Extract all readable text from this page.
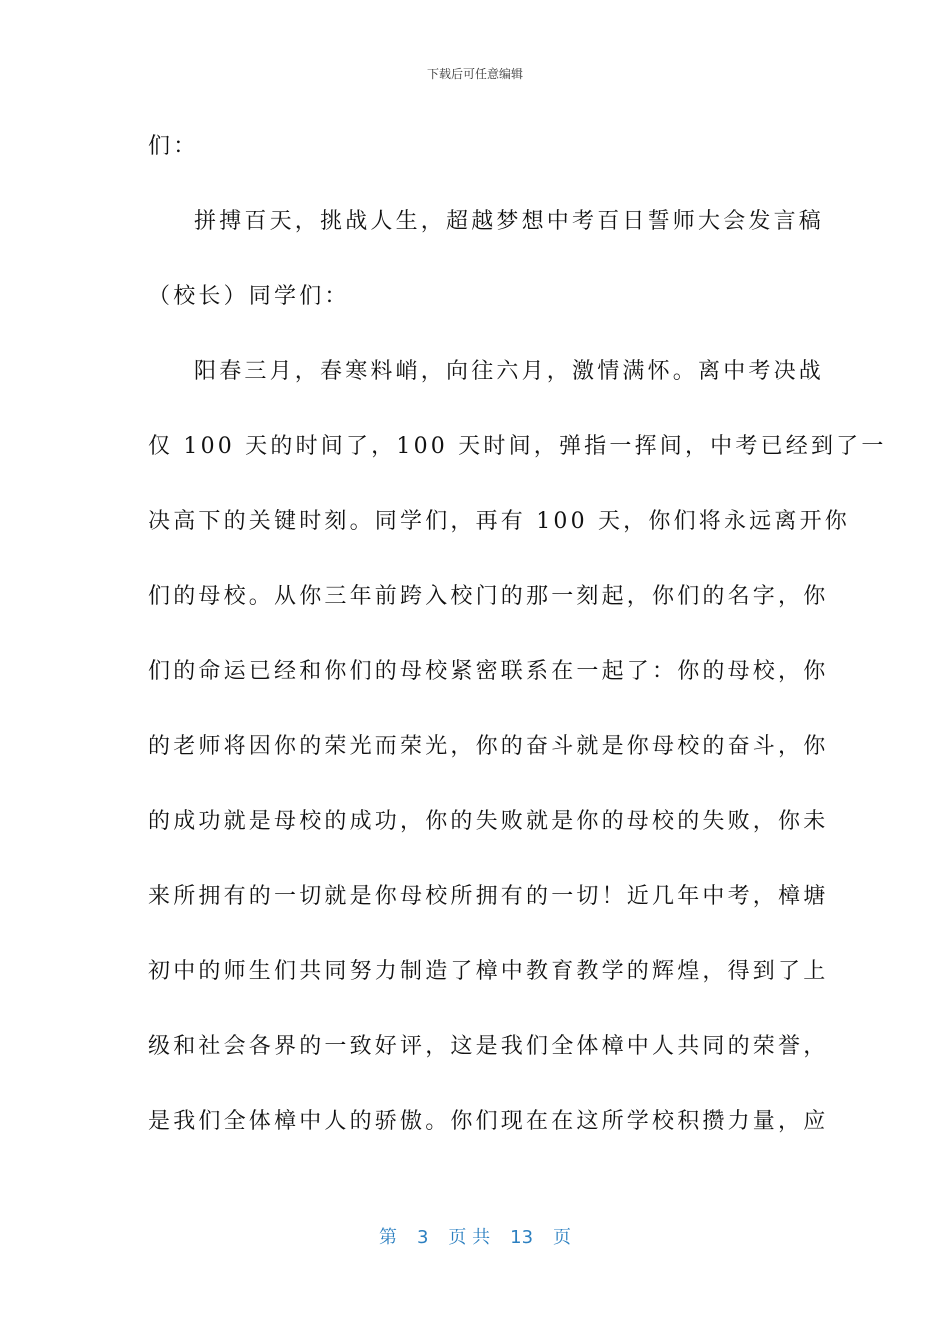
下载后可任意编辑
们：
拼搏百天，挑战人生，超越梦想中考百日誓师大会发言稿
（校长）同学们：
阳春三月，春寒料峭，向往六月，激情满怀。离中考决战
仅 100 天的时间了，100 天时间，弹指一挥间，中考已经到了一
决高下的关键时刻。同学们，再有 100 天，你们将永远离开你
们的母校。从你三年前跨入校门的那一刻起，你们的名字，你
们的命运已经和你们的母校紧密联系在一起了：你的母校，你
的老师将因你的荣光而荣光，你的奋斗就是你母校的奋斗，你
的成功就是母校的成功，你的失败就是你的母校的失败，你未
来所拥有的一切就是你母校所拥有的一切！近几年中考，樟塘
初中的师生们共同努力制造了樟中教育教学的辉煌，得到了上
级和社会各界的一致好评，这是我们全体樟中人共同的荣誉，
是我们全体樟中人的骄傲。你们现在在这所学校积攒力量，应
第 3 页 共 13 页
